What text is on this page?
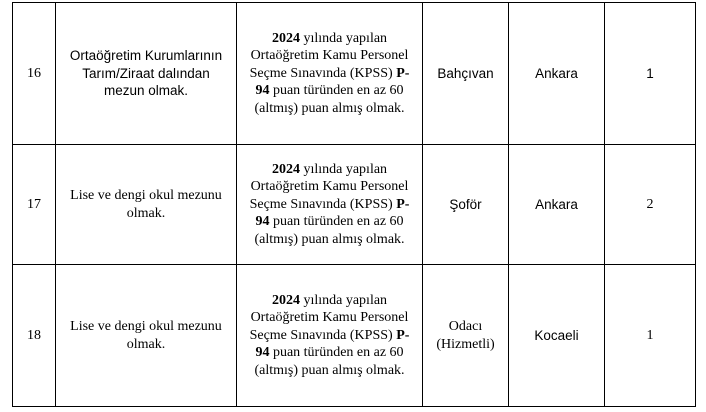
16	Ortaöğretim Kurumlarının Tarım/Ziraat dalından mezun olmak.	2024 yılında yapılan Ortaöğretim Kamu Personel Seçme Sınavında (KPSS) P-94 puan türünden en az 60 (altmış) puan almış olmak.	Bahçıvan	Ankara	1
17	Lise ve dengi okul mezunu olmak.	2024 yılında yapılan Ortaöğretim Kamu Personel Seçme Sınavında (KPSS) P-94 puan türünden en az 60 (altmış) puan almış olmak.	Şoför	Ankara	2
18	Lise ve dengi okul mezunu olmak.	2024 yılında yapılan Ortaöğretim Kamu Personel Seçme Sınavında (KPSS) P-94 puan türünden en az 60 (altmış) puan almış olmak.	Odacı (Hizmetli)	Kocaeli	1
